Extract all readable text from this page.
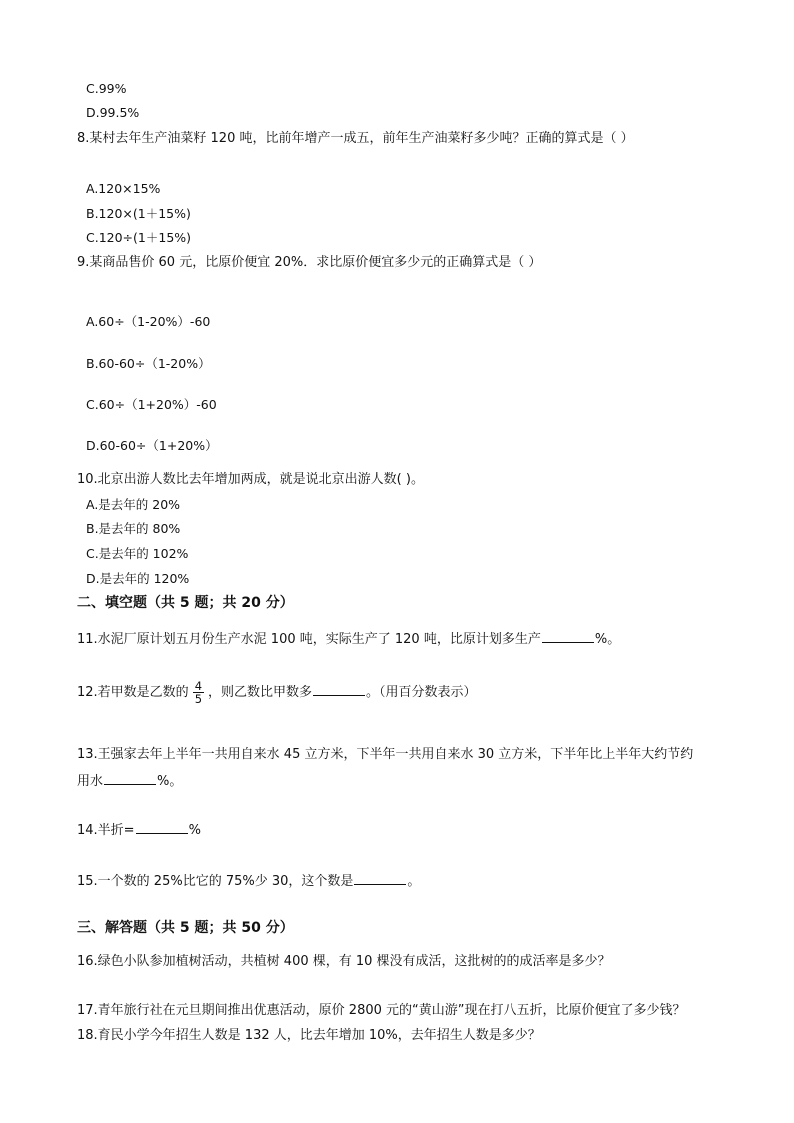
C.99%
D.99.5%
8.某村去年生产油菜籽 120 吨，比前年增产一成五，前年生产油菜籽多少吨？正确的算式是（ ）
A.120×15%
B.120×(1＋15%)
C.120÷(1＋15%)
9.某商品售价 60 元，比原价便宜 20%．求比原价便宜多少元的正确算式是（ ）
A.60÷（1-20%）-60
B.60-60÷（1-20%）
C.60÷（1+20%）-60
D.60-60÷（1+20%）
10.北京出游人数比去年增加两成，就是说北京出游人数( )。
A.是去年的 20%
B.是去年的 80%
C.是去年的 102%
D.是去年的 120%
二、填空题（共 5 题；共 20 分）
11.水泥厂原计划五月份生产水泥 100 吨，实际生产了 120 吨，比原计划多生产	%。
12.若甲数是乙数的 $\frac{4}{5}$ ，则乙数比甲数多	。（用百分数表示）
13.王强家去年上半年一共用自来水 45 立方米，下半年一共用自来水 30 立方米，下半年比上半年大约节约
用水	%。
14.半折=	%
15.一个数的 25%比它的 75%少 30，这个数是	。
三、解答题（共 5 题；共 50 分）
16.绿色小队参加植树活动，共植树 400 棵，有 10 棵没有成活，这批树的的成活率是多少？
17.青年旅行社在元旦期间推出优惠活动，原价 2800 元的“黄山游”现在打八五折，比原价便宜了多少钱？
18.育民小学今年招生人数是 132 人，比去年增加 10%，去年招生人数是多少？
